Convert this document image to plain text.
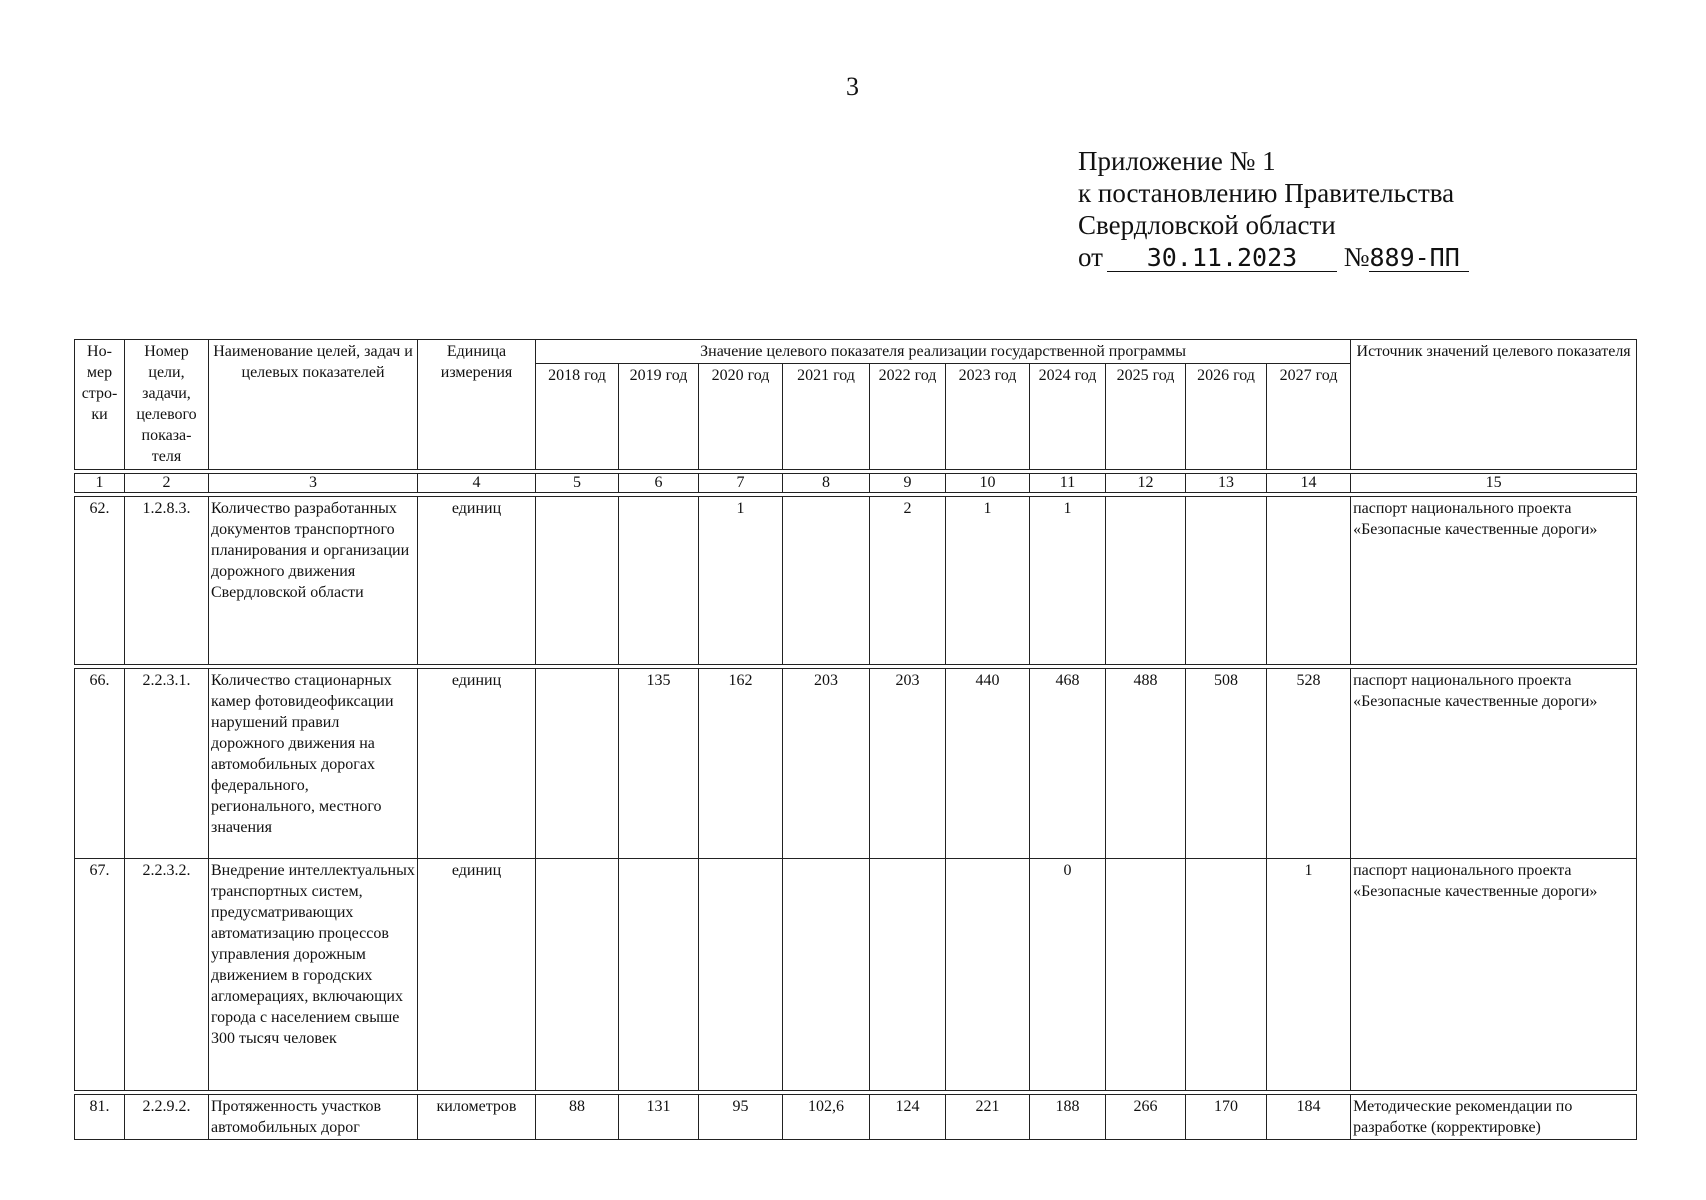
3
Приложение № 1
к постановлению Правительства
Свердловской области
от 30.11.2023 №889-ПП
Но-мер стро-ки	Номер цели, задачи, целевого показа-теля	Наименование целей, задач и целевых показателей	Единица измерения	Значение целевого показателя реализации государственной программы										Источник значений целевого показателя
				2018 год	2019 год	2020 год	2021 год	2022 год	2023 год	2024 год	2025 год	2026 год	2027 год	

1	2	3	4	5	6	7	8	9	10	11	12	13	14	15

62.	1.2.8.3.	Количество разработанных документов транспортного планирования и организации дорожного движения Свердловской области	единиц			1		2	1	1				паспорт национального проекта «Безопасные качественные дороги»

66.	2.2.3.1.	Количество стационарных камер фотовидеофиксации нарушений правил дорожного движения на автомобильных дорогах федерального, регионального, местного значения	единиц		135	162	203	203	440	468	488	508	528	паспорт национального проекта «Безопасные качественные дороги»
67.	2.2.3.2.	Внедрение интеллектуальных транспортных систем, предусматривающих автоматизацию процессов управления дорожным движением в городских агломерациях, включающих города с населением свыше 300 тысяч человек	единиц							0			1	паспорт национального проекта «Безопасные качественные дороги»

81.	2.2.9.2.	Протяженность участков автомобильных дорог	километров	88	131	95	102,6	124	221	188	266	170	184	Методические рекомендации по разработке (корректировке)
